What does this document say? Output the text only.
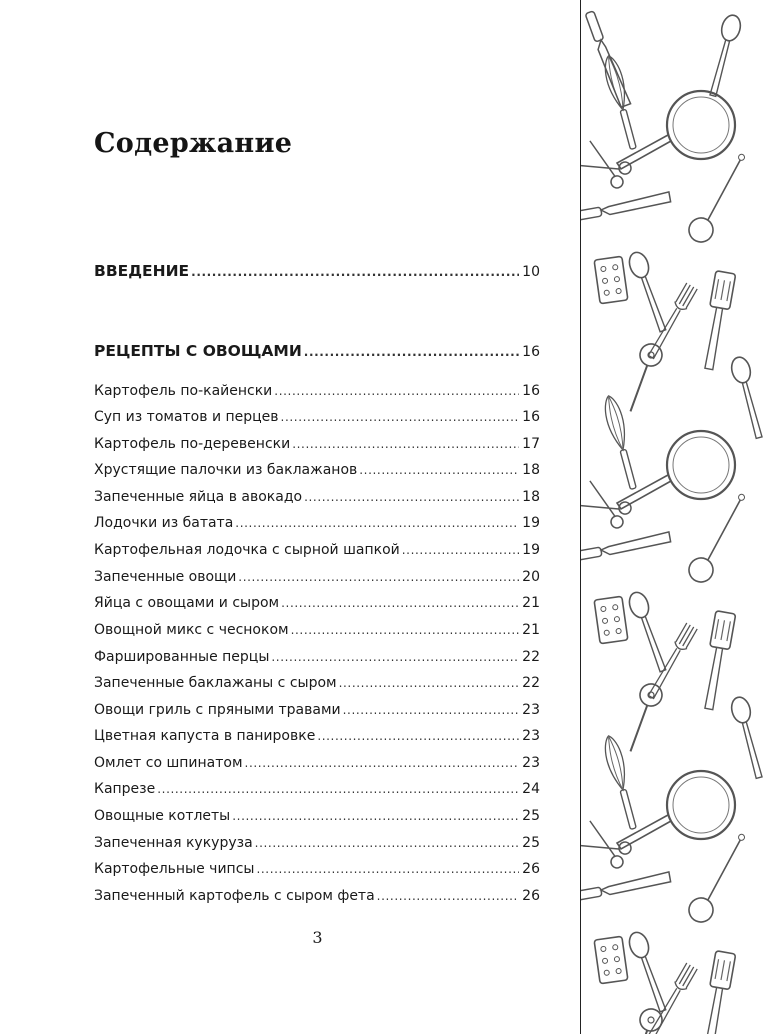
Содержание
ВВЕДЕНИЕ .....	10
РЕЦЕПТЫ С ОВОЩАМИ .....	16
Картофель по-кайенски .....	16
Суп из томатов и перцев .....	16
Картофель по-деревенски .....	17
Хрустящие палочки из баклажанов .....	18
Запеченные яйца в авокадо .....	18
Лодочки из батата .....	19
Картофельная лодочка с сырной шапкой .....	19
Запеченные овощи .....	20
Яйца с овощами и сыром .....	21
Овощной микс с чесноком .....	21
Фаршированные перцы .....	22
Запеченные баклажаны с сыром .....	22
Овощи гриль с пряными травами .....	23
Цветная капуста в панировке .....	23
Омлет со шпинатом .....	23
Капрезе .....	24
Овощные котлеты .....	25
Запеченная кукуруза .....	25
Картофельные чипсы .....	26
Запеченный картофель с сыром фета .....	26
3
